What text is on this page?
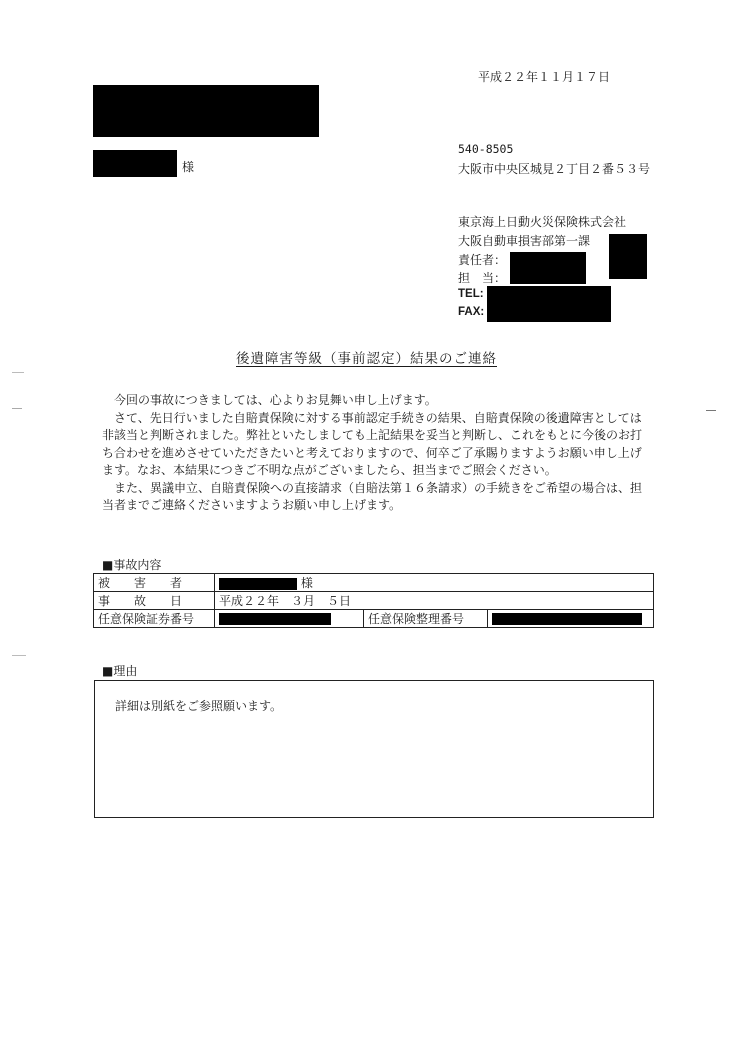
平成２２年１１月１７日
様
540-8505
大阪市中央区城見２丁目２番５３号
東京海上日動火災保険株式会社
大阪自動車損害部第一課
責任者：
担　当：
TEL:
FAX:
後遺障害等級（事前認定）結果のご連絡

今回の事故につきましては、心よりお見舞い申し上げます。

さて、先日行いました自賠責保険に対する事前認定手続きの結果、自賠責保険の後遺障害としては非該当と判断されました。弊社といたしましても上記結果を妥当と判断し、これをもとに今後のお打ち合わせを進めさせていただきたいと考えておりますので、何卒ご了承賜りますようお願い申し上げます。なお、本結果につきご不明な点がございましたら、担当までご照会ください。

また、異議申立、自賠責保険への直接請求（自賠法第１６条請求）の手続きをご希望の場合は、担当者までご連絡くださいますようお願い申し上げます。

■事故内容
被　　害　　者	様		
事　　故　　日	平成２２年　３月　５日		
任意保険証券番号		任意保険整理番号	
■理由
詳細は別紙をご参照願います。
